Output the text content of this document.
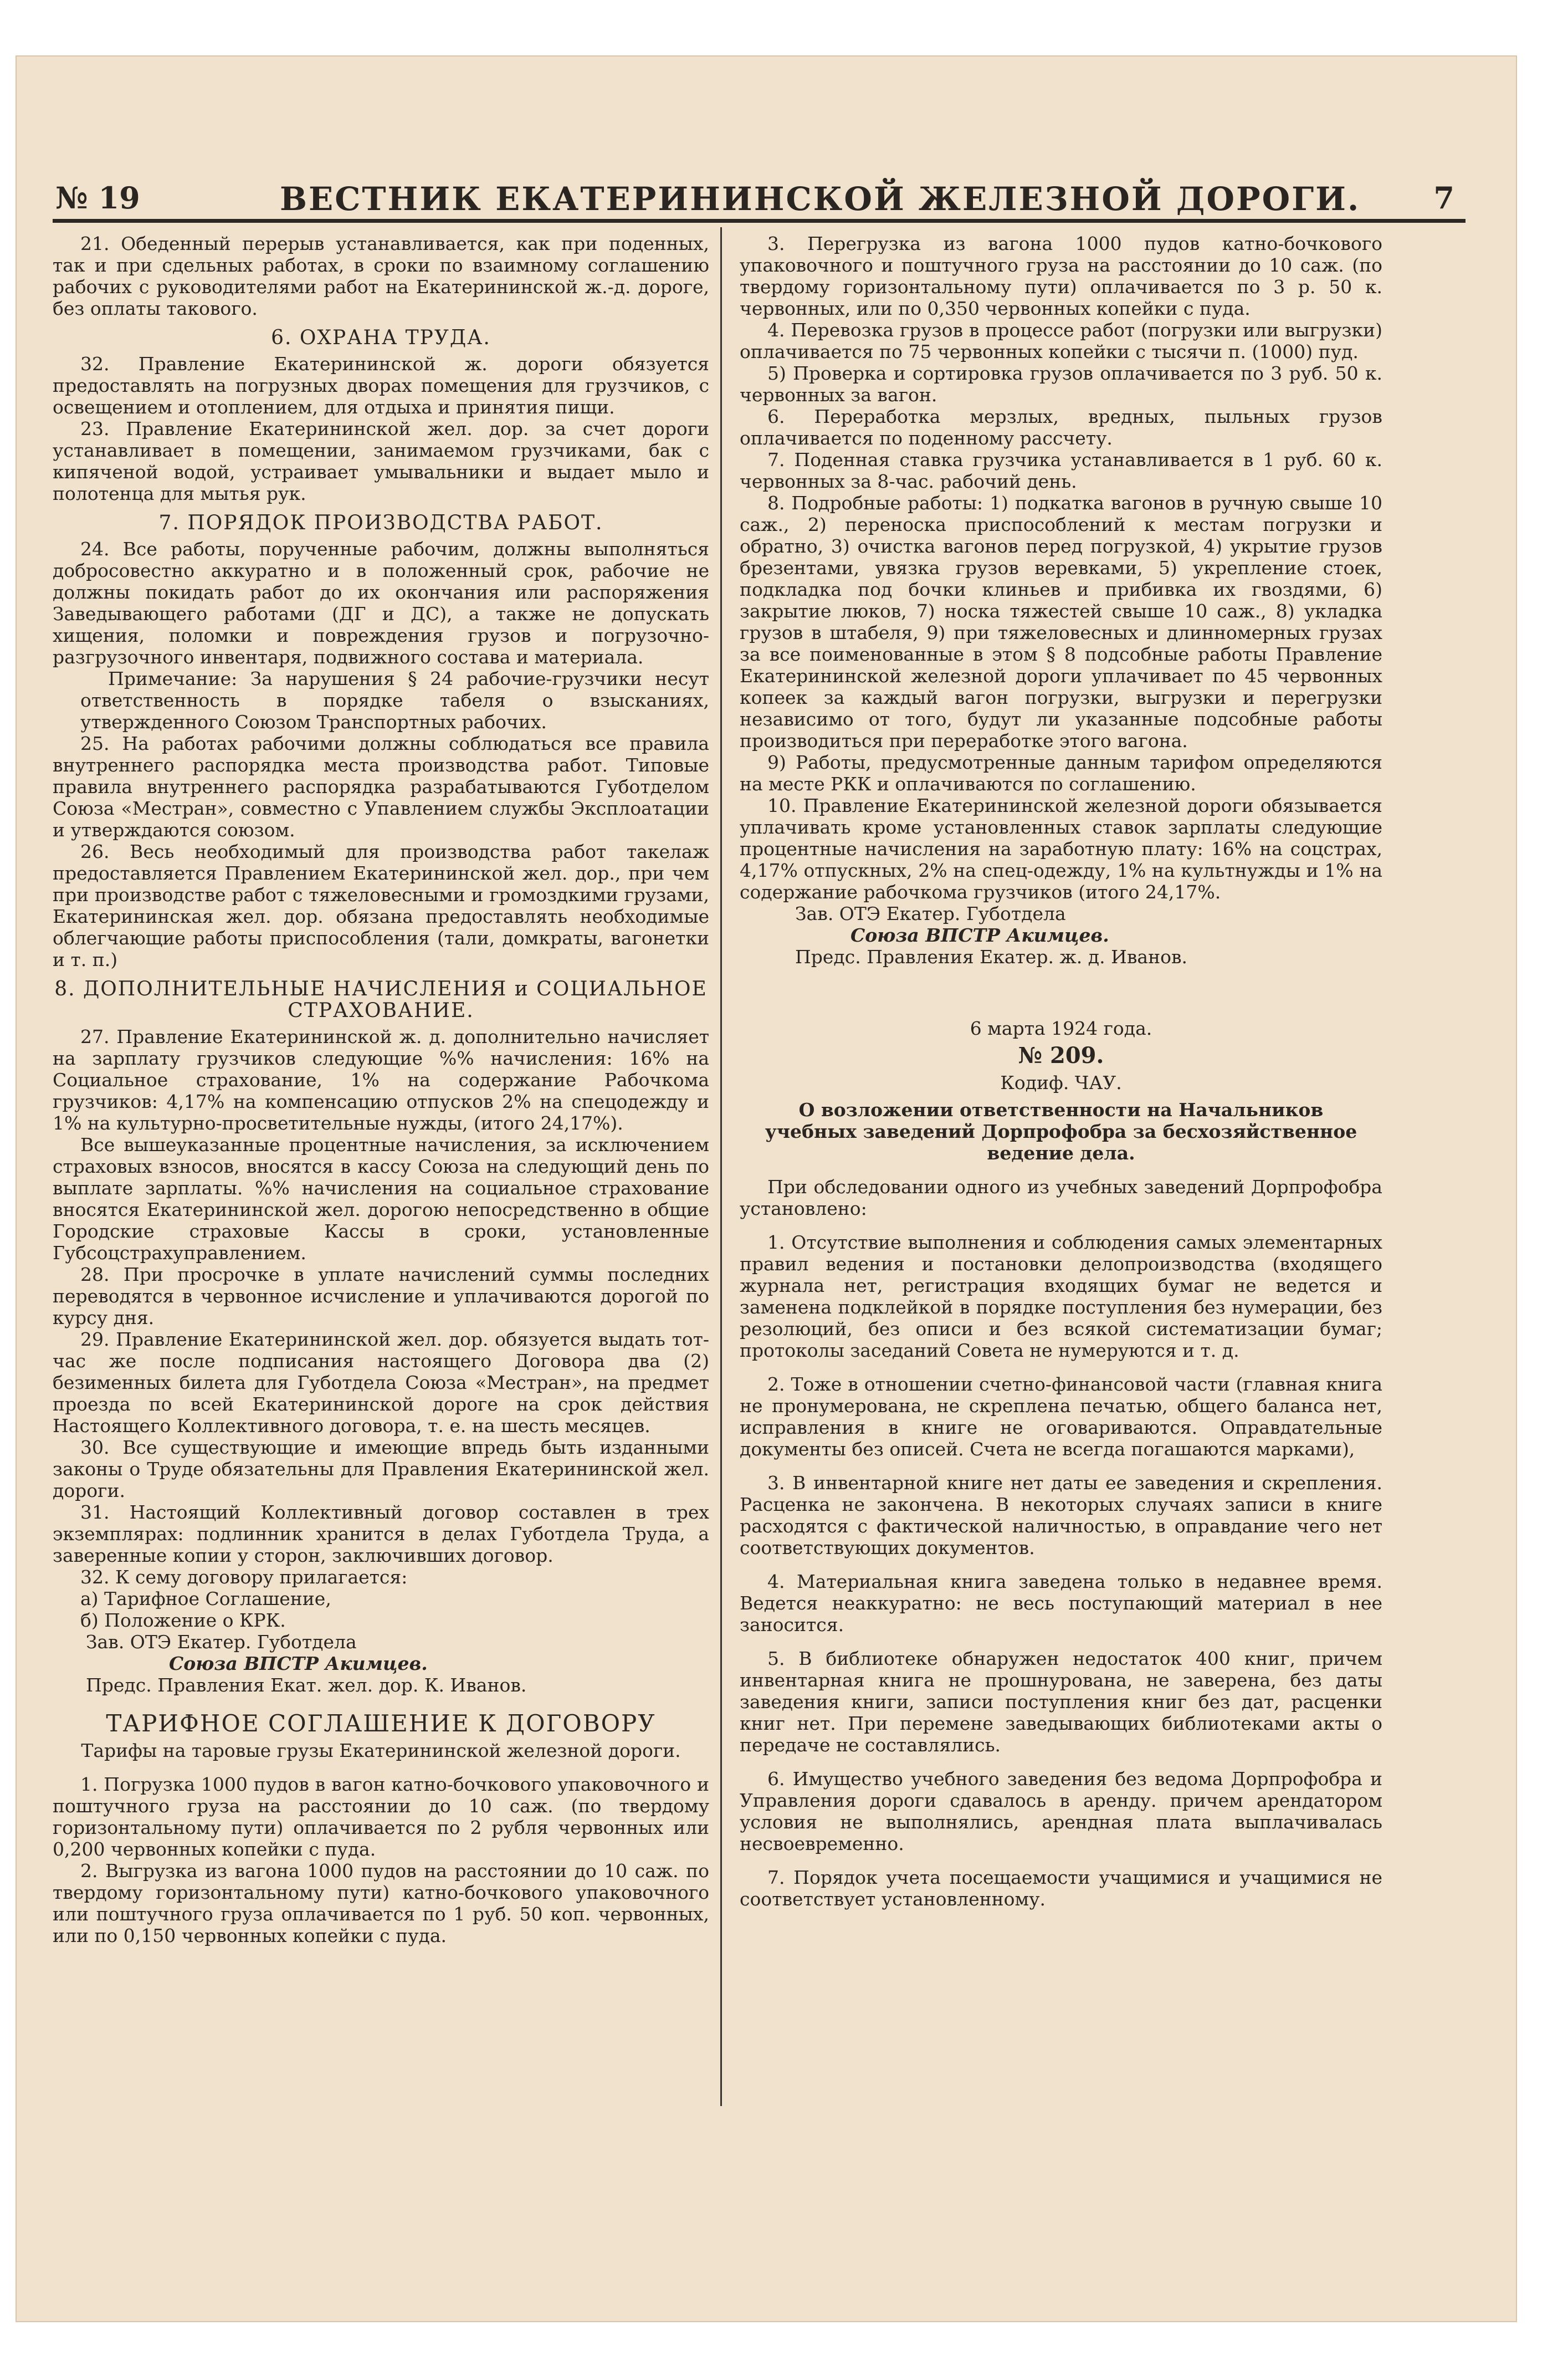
№ 19	ВЕСТНИК ЕКАТЕРИНИНСКОЙ ЖЕЛЕЗНОЙ ДОРОГИ. 7

21. Обеденный перерыв устанавливается, как при поденных, так и при сдельных работах, в сроки по взаимному соглашению рабочих с руководителями работ на Екатерининской ж.-д. дороге, без оплаты такового.

6. ОХРАНА ТРУДА.

32. Правление Екатерининской ж. дороги обязуется предоставлять на погрузных дворах помещения для грузчиков, с освещением и отоплением, для отдыха и принятия пищи.

23. Правление Екатерининской жел. дор. за счет дороги устанавливает в помещении, занимаемом грузчиками, бак с кипяченой водой, устраивает умывальники и выдает мыло и полотенца для мытья рук.

7. ПОРЯДОК ПРОИЗВОДСТВА РАБОТ.

24. Все работы, порученные рабочим, должны выполняться добросовестно аккуратно и в положенный срок, рабочие не должны покидать работ до их окончания или распоряжения Заведывающего работами (ДГ и ДС), а также не допускать хищения, поломки и повреждения грузов и погрузочно-разгрузочного инвентаря, подвижного состава и материала.

Примечание: За нарушения § 24 рабочие-грузчики несут ответственность в порядке табеля о взысканиях, утвержденного Союзом Транспортных рабочих.

25. На работах рабочими должны соблюдаться все правила внутреннего распорядка места производства работ. Типовые правила внутреннего распорядка разрабатываются Губотделом Союза «Местран», совместно с Упавлением службы Эксплоатации и утверждаются союзом.

26. Весь необходимый для производства работ такелаж предоставляется Правлением Екатерининской жел. дор., при чем при производстве работ с тяжеловесными и громоздкими грузами, Екатерининская жел. дор. обязана предоставлять необходимые облегчающие работы приспособления (тали, домкраты, вагонетки и т. п.)

8. ДОПОЛНИТЕЛЬНЫЕ НАЧИСЛЕНИЯ и СОЦИАЛЬНОЕ СТРАХОВАНИЕ.

27. Правление Екатерининской ж. д. дополнительно начисляет на зарплату грузчиков следующие %% начисления: 16% на Социальное страхование, 1% на содержание Рабочкома грузчиков: 4,17% на компенсацию отпусков 2% на спецодежду и 1% на культурно-просветительные нужды, (итого 24,17%).

Все вышеуказанные процентные начисления, за исключением страховых взносов, вносятся в кассу Союза на следующий день по выплате зарплаты. %% начисления на социальное страхование вносятся Екатерининской жел. дорогою непосредственно в общие Городские страховые Кассы в сроки, установленные Губсоцстрахуправлением.

28. При просрочке в уплате начислений суммы последних переводятся в червонное исчисление и уплачиваются дорогой по курсу дня.

29. Правление Екатерининской жел. дор. обязуется выдать тот-час же после подписания настоящего Договора два (2) безименных билета для Губотдела Союза «Местран», на предмет проезда по всей Екатерининской дороге на срок действия Настоящего Коллективного договора, т. е. на шесть месяцев.

30. Все существующие и имеющие впредь быть изданными законы о Труде обязательны для Правления Екатерининской жел. дороги.

31. Настоящий Коллективный договор составлен в трех экземплярах: подлинник хранится в делах Губотдела Труда, а заверенные копии у сторон, заключивших договор.

32. К сему договору прилагается:

а) Тарифное Соглашение,

б) Положение о КРК.

Зав. ОТЭ Екатер. Губотдела

Союза ВПСТР Акимцев.

Предс. Правления Екат. жел. дор. К. Иванов.

ТАРИФНОЕ СОГЛАШЕНИЕ К ДОГОВОРУ

Тарифы на таровые грузы Екатерининской железной дороги.

1. Погрузка 1000 пудов в вагон катно-бочкового упаковочного и поштучного груза на расстоянии до 10 саж. (по твердому горизонтальному пути) оплачивается по 2 рубля червонных или 0,200 червонных копейки с пуда.

2. Выгрузка из вагона 1000 пудов на расстоянии до 10 саж. по твердому горизонтальному пути) катно-бочкового упаковочного или поштучного груза оплачивается по 1 руб. 50 коп. червонных, или по 0,150 червонных копейки с пуда.

3. Перегрузка из вагона 1000 пудов катно-бочкового упаковочного и поштучного груза на расстоянии до 10 саж. (по твердому горизонтальному пути) оплачивается по 3 р. 50 к. червонных, или по 0,350 червонных копейки с пуда.

4. Перевозка грузов в процессе работ (погрузки или выгрузки) оплачивается по 75 червонных копейки с тысячи п. (1000) пуд.

5) Проверка и сортировка грузов оплачивается по 3 руб. 50 к. червонных за вагон.

6. Переработка мерзлых, вредных, пыльных грузов оплачивается по поденному рассчету.

7. Поденная ставка грузчика устанавливается в 1 руб. 60 к. червонных за 8-час. рабочий день.

8. Подробные работы: 1) подкатка вагонов в ручную свыше 10 саж., 2) переноска приспособлений к местам погрузки и обратно, 3) очистка вагонов перед погрузкой, 4) укрытие грузов брезентами, увязка грузов веревками, 5) укрепление стоек, подкладка под бочки клиньев и прибивка их гвоздями, 6) закрытие люков, 7) носка тяжестей свыше 10 саж., 8) укладка грузов в штабеля, 9) при тяжеловесных и длинномерных грузах за все поименованные в этом § 8 подсобные работы Правление Екатерининской железной дороги уплачивает по 45 червонных копеек за каждый вагон погрузки, выгрузки и перегрузки независимо от того, будут ли указанные подсобные работы производиться при переработке этого вагона.

9) Работы, предусмотренные данным тарифом определяются на месте РКК и оплачиваются по соглашению.

10. Правление Екатерининской железной дороги обязывается уплачивать кроме установленных ставок зарплаты следующие процентные начисления на заработную плату: 16% на соцстрах, 4,17% отпускных, 2% на спец-одежду, 1% на культнужды и 1% на содержание рабочкома грузчиков (итого 24,17%.

Зав. ОТЭ Екатер. Губотдела

Союза ВПСТР Акимцев.

Предс. Правления Екатер. ж. д. Иванов.

6 марта 1924 года.

№ 209.

Кодиф. ЧАУ.

О возложении ответственности на Начальников учебных заведений Дорпрофобра за бесхозяйственное ведение дела.

При обследовании одного из учебных заведений Дорпрофобра установлено:

1. Отсутствие выполнения и соблюдения самых элементарных правил ведения и постановки делопроизводства (входящего журнала нет, регистрация входящих бумаг не ведется и заменена подклейкой в порядке поступления без нумерации, без резолюций, без описи и без всякой систематизации бумаг; протоколы заседаний Совета не нумеруются и т. д.

2. Тоже в отношении счетно-финансовой части (главная книга не пронумерована, не скреплена печатью, общего баланса нет, исправления в книге не оговариваются. Оправдательные документы без описей. Счета не всегда погашаются марками),

3. В инвентарной книге нет даты ее заведения и скрепления. Расценка не закончена. В некоторых случаях записи в книге расходятся с фактической наличностью, в оправдание чего нет соответствующих документов.

4. Материальная книга заведена только в недавнее время. Ведется неаккуратно: не весь поступающий материал в нее заносится.

5. В библиотеке обнаружен недостаток 400 книг, причем инвентарная книга не прошнурована, не заверена, без даты заведения книги, записи поступления книг без дат, расценки книг нет. При перемене заведывающих библиотеками акты о передаче не составлялись.

6. Имущество учебного заведения без ведома Дорпрофобра и Управления дороги сдавалось в аренду. причем арендатором условия не выполнялись, арендная плата выплачивалась несвоевременно.

7. Порядок учета посещаемости учащимися и учащимися не соответствует установленному.
